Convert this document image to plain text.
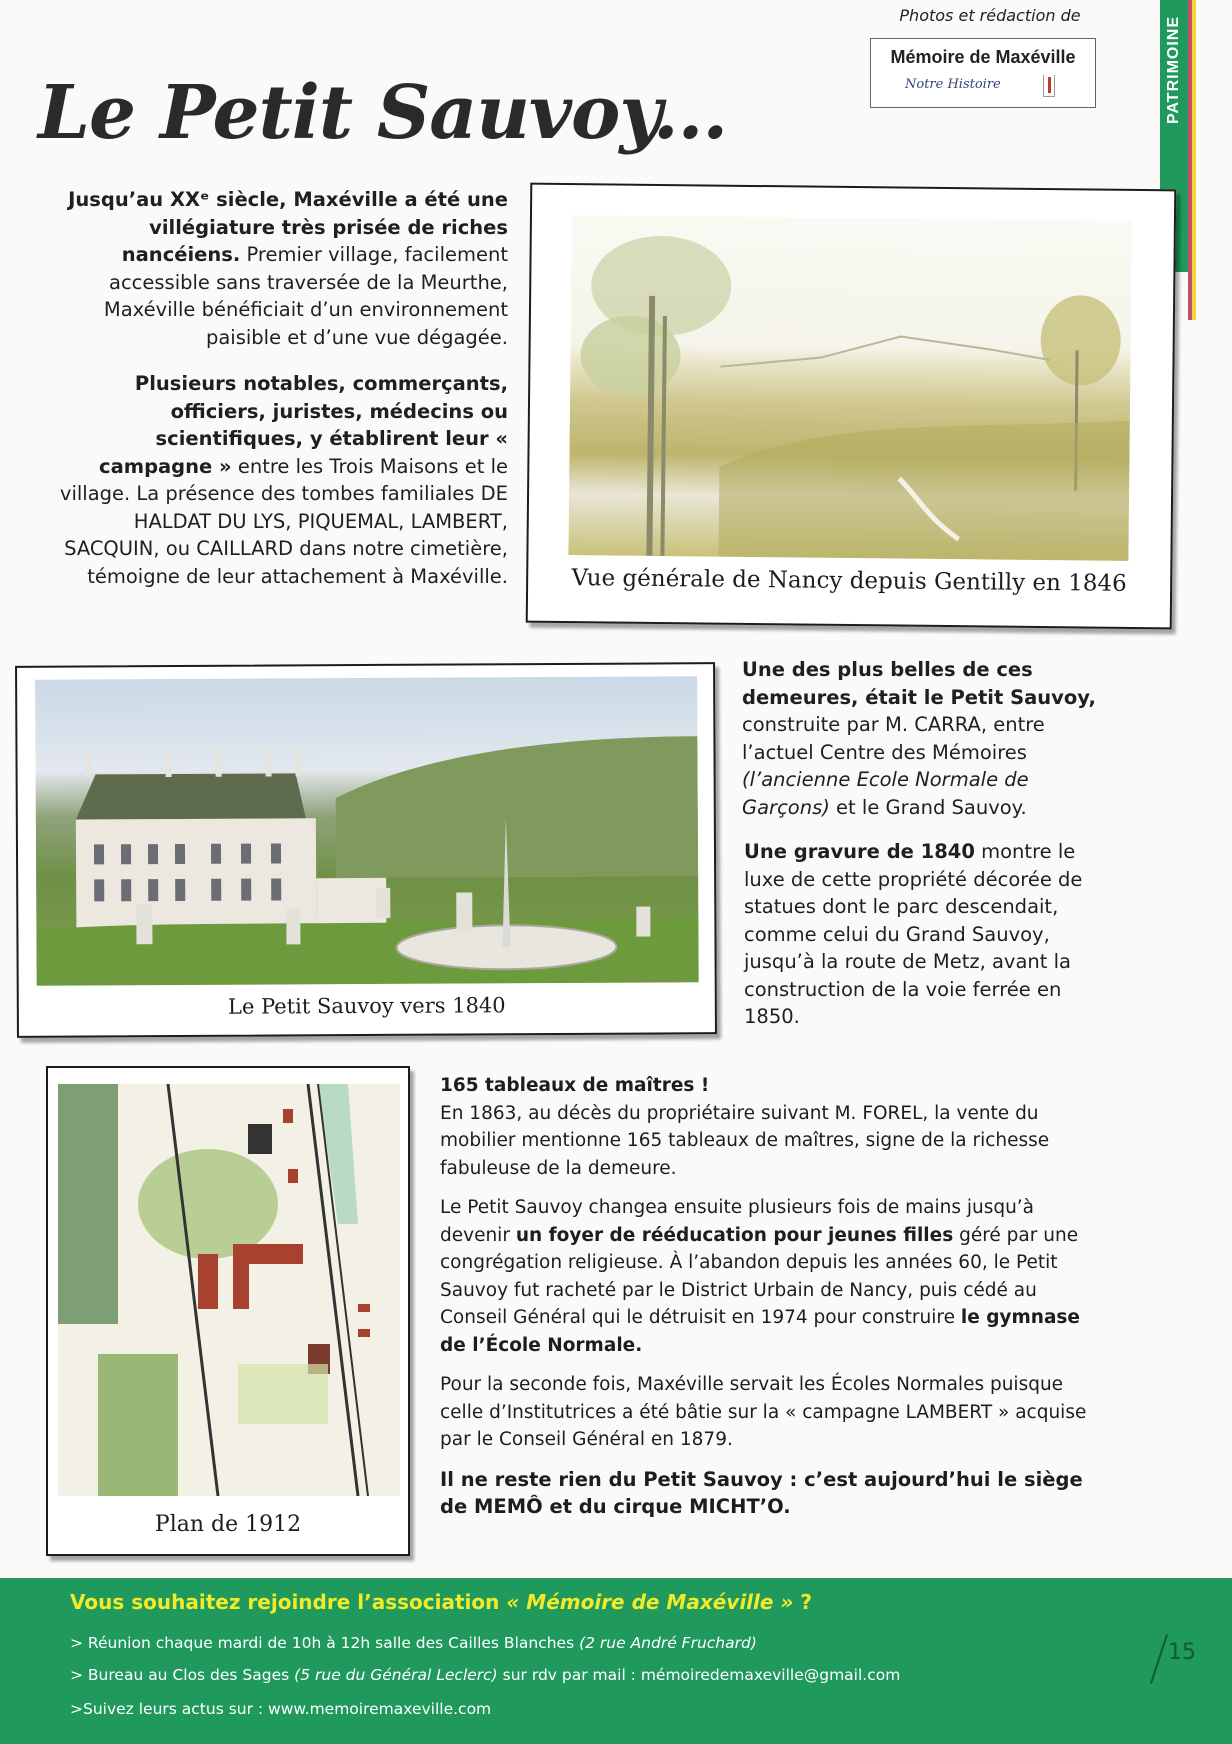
Photos et rédaction de
Mémoire de Maxéville
Notre Histoire	PATRIMOINE
Le Petit Sauvoy...
Jusqu’au XXᵉ siècle, Maxéville a été une villégiature très prisée de riches nancéiens. Premier village, facilement accessible sans traversée de la Meurthe, Maxéville bénéficiait d’un environnement paisible et d’une vue dégagée.
Plusieurs notables, commerçants, officiers, juristes, médecins ou scientifiques, y établirent leur « campagne » entre les Trois Maisons et le village. La présence des tombes familiales DE HALDAT DU LYS, PIQUEMAL, LAMBERT, SACQUIN, ou CAILLARD dans notre cimetière, témoigne de leur attachement à Maxéville.	Vue générale de Nancy depuis Gentilly en 1846
Le Petit Sauvoy vers 1840
Une des plus belles de ces demeures, était le Petit Sauvoy, construite par M. CARRA, entre l’actuel Centre des Mémoires (l’ancienne Ecole Normale de Garçons) et le Grand Sauvoy.
Une gravure de 1840 montre le luxe de cette propriété décorée de statues dont le parc descendait, comme celui du Grand Sauvoy, jusqu’à la route de Metz, avant la construction de la voie ferrée en 1850.
Plan de 1912
165 tableaux de maîtres !
En 1863, au décès du propriétaire suivant M. FOREL, la vente du mobilier mentionne 165 tableaux de maîtres, signe de la richesse fabuleuse de la demeure.
Le Petit Sauvoy changea ensuite plusieurs fois de mains jusqu’à devenir un foyer de rééducation pour jeunes filles géré par une congrégation religieuse. À l’abandon depuis les années 60, le Petit Sauvoy fut racheté par le District Urbain de Nancy, puis cédé au Conseil Général qui le détruisit en 1974 pour construire le gymnase de l’École Normale.
Pour la seconde fois, Maxéville servait les Écoles Normales puisque celle d’Institutrices a été bâtie sur la « campagne LAMBERT » acquise par le Conseil Général en 1879.
Il ne reste rien du Petit Sauvoy : c’est aujourd’hui le siège de MEMÔ et du cirque MICHT’O.
Vous souhaitez rejoindre l’association « Mémoire de Maxéville » ?
> Réunion chaque mardi de 10h à 12h salle des Cailles Blanches (2 rue André Fruchard)
> Bureau au Clos des Sages (5 rue du Général Leclerc) sur rdv par mail : mémoiredemaxeville@gmail.com
>Suivez leurs actus sur : www.memoiremaxeville.com
15
